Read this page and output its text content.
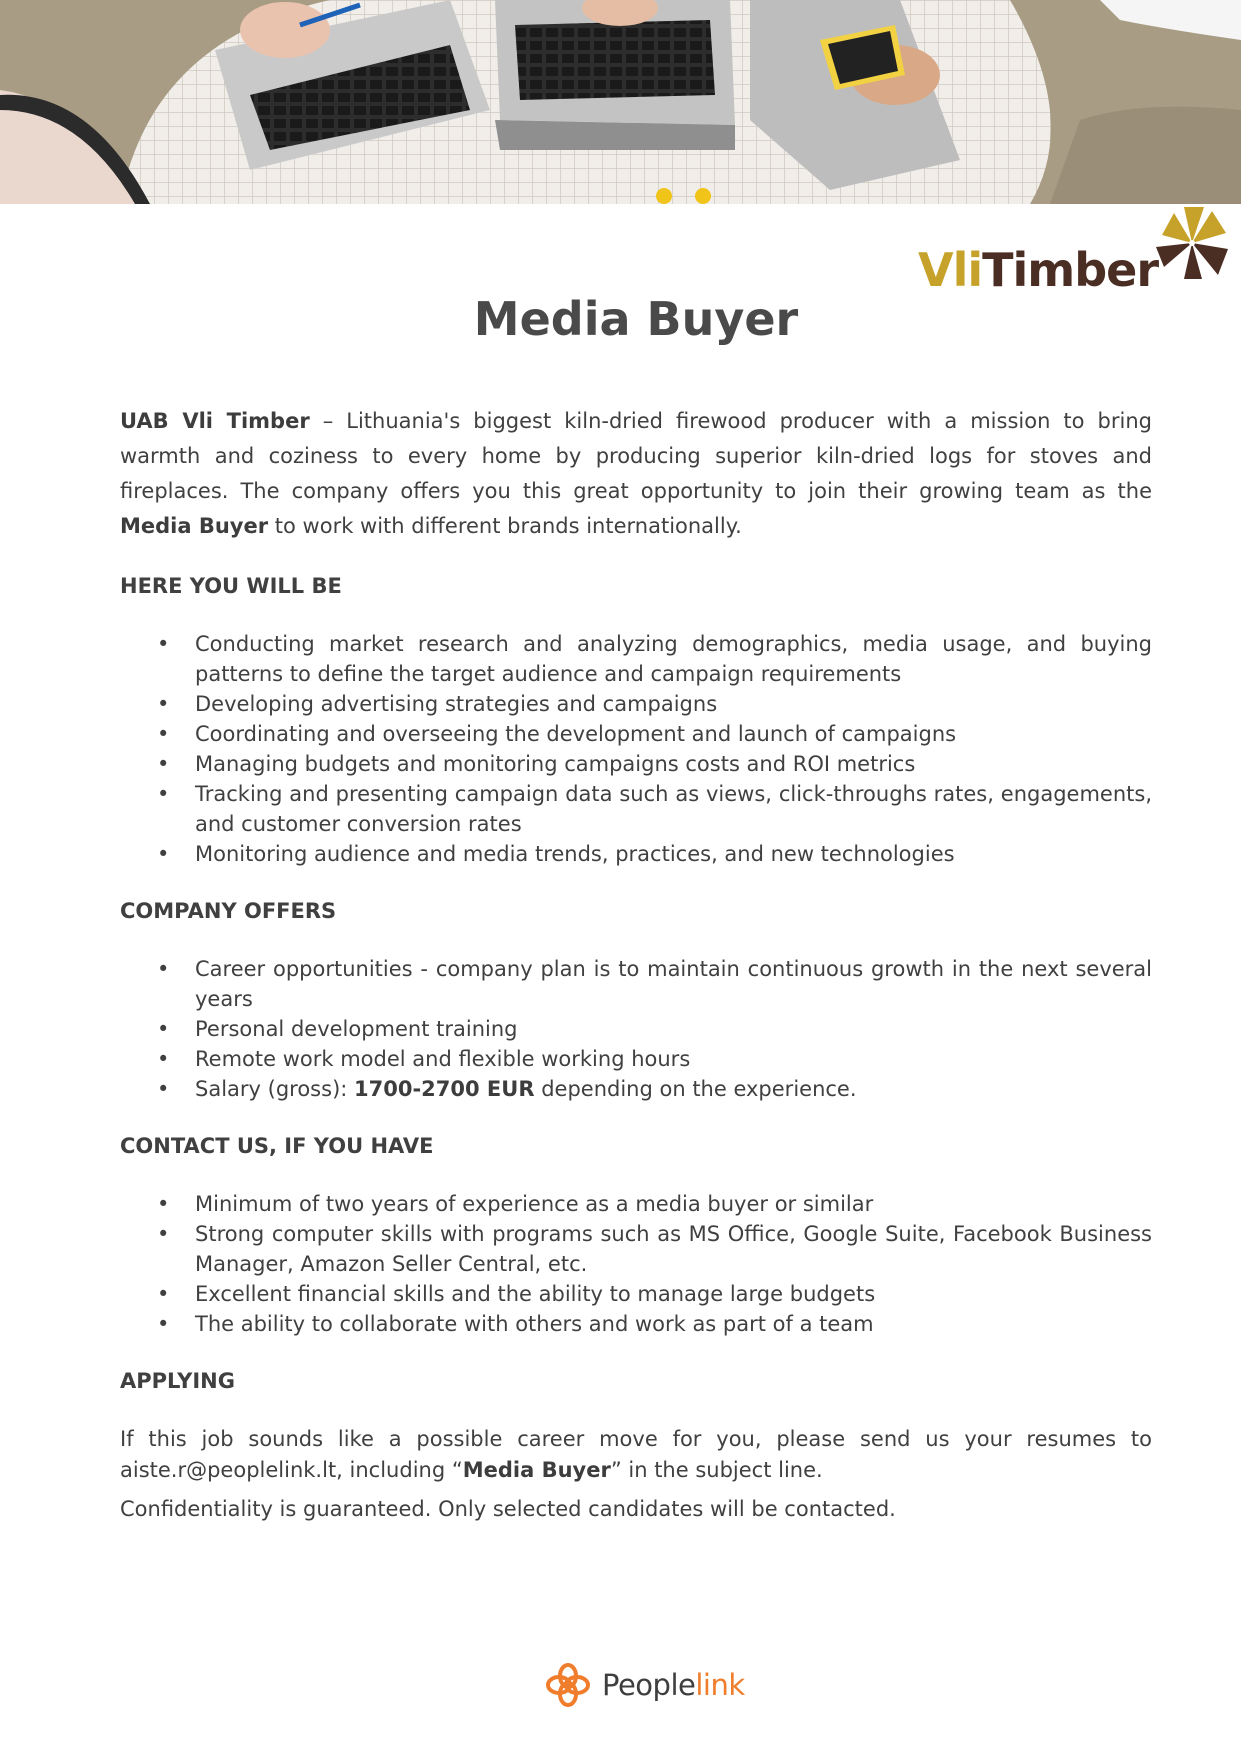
VliTimber
Media Buyer

UAB Vli Timber – Lithuania's biggest kiln-dried firewood producer with a mission to bring warmth and coziness to every home by producing superior kiln-dried logs for stoves and fireplaces. The company offers you this great opportunity to join their growing team as the Media Buyer to work with different brands internationally.

HERE YOU WILL BE
• Conducting market research and analyzing demographics, media usage, and buying patterns to define the target audience and campaign requirements
• Developing advertising strategies and campaigns
• Coordinating and overseeing the development and launch of campaigns
• Managing budgets and monitoring campaigns costs and ROI metrics
• Tracking and presenting campaign data such as views, click-throughs rates, engagements, and customer conversion rates
• Monitoring audience and media trends, practices, and new technologies
COMPANY OFFERS
• Career opportunities - company plan is to maintain continuous growth in the next several years
• Personal development training
• Remote work model and flexible working hours
• Salary (gross): 1700-2700 EUR depending on the experience.
CONTACT US, IF YOU HAVE
• Minimum of two years of experience as a media buyer or similar
• Strong computer skills with programs such as MS Office, Google Suite, Facebook Business Manager, Amazon Seller Central, etc.
• Excellent financial skills and the ability to manage large budgets
• The ability to collaborate with others and work as part of a team
APPLYING

If this job sounds like a possible career move for you, please send us your resumes to aiste.r@peoplelink.lt, including “Media Buyer” in the subject line.

Confidentiality is guaranteed. Only selected candidates will be contacted.

Peoplelink
